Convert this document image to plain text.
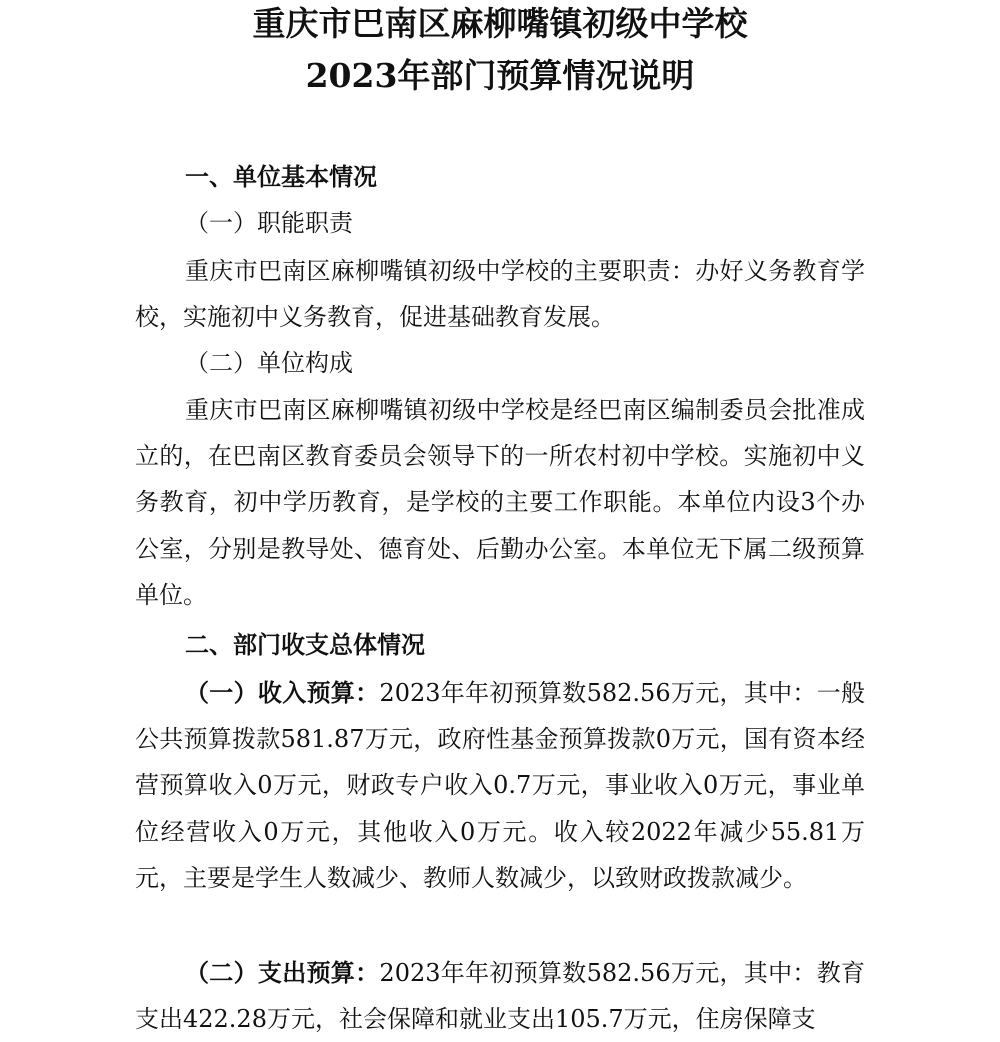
重庆市巴南区麻柳嘴镇初级中学校
2023年部门预算情况说明

一、单位基本情况

（一）职能职责

重庆市巴南区麻柳嘴镇初级中学校的主要职责：办好义务教育学校，实施初中义务教育，促进基础教育发展。

（二）单位构成

重庆市巴南区麻柳嘴镇初级中学校是经巴南区编制委员会批准成立的，在巴南区教育委员会领导下的一所农村初中学校。实施初中义务教育，初中学历教育，是学校的主要工作职能。本单位内设3个办公室，分别是教导处、德育处、后勤办公室。本单位无下属二级预算单位。

二、部门收支总体情况

（一）收入预算：2023年年初预算数582.56万元，其中：一般公共预算拨款581.87万元，政府性基金预算拨款0万元，国有资本经营预算收入0万元，财政专户收入0.7万元，事业收入0万元，事业单位经营收入0万元，其他收入0万元。收入较2022年减少55.81万元，主要是学生人数减少、教师人数减少，以致财政拨款减少。

（二）支出预算：2023年年初预算数582.56万元，其中：教育支出422.28万元，社会保障和就业支出105.7万元，住房保障支
